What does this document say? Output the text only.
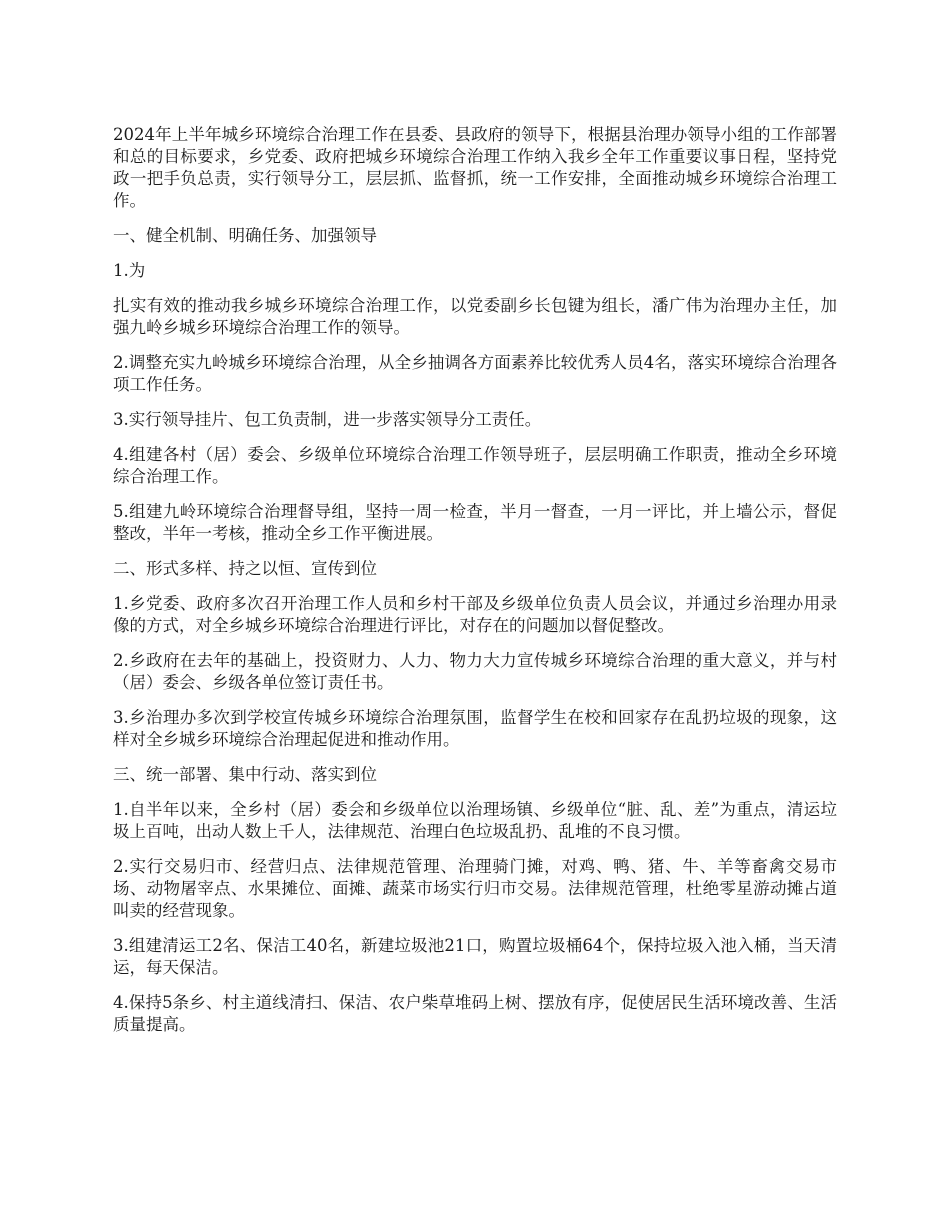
2024年上半年城乡环境综合治理工作在县委、县政府的领导下，根据县治理办领导小组的工作部署和总的目标要求，乡党委、政府把城乡环境综合治理工作纳入我乡全年工作重要议事日程，坚持党政一把手负总责，实行领导分工，层层抓、监督抓，统一工作安排，全面推动城乡环境综合治理工作。

一、健全机制、明确任务、加强领导

1.为

扎实有效的推动我乡城乡环境综合治理工作，以党委副乡长包键为组长，潘广伟为治理办主任，加强九岭乡城乡环境综合治理工作的领导。

2.调整充实九岭城乡环境综合治理，从全乡抽调各方面素养比较优秀人员4名，落实环境综合治理各项工作任务。

3.实行领导挂片、包工负责制，进一步落实领导分工责任。

4.组建各村（居）委会、乡级单位环境综合治理工作领导班子，层层明确工作职责，推动全乡环境综合治理工作。

5.组建九岭环境综合治理督导组，坚持一周一检查，半月一督查，一月一评比，并上墙公示，督促整改，半年一考核，推动全乡工作平衡进展。

二、形式多样、持之以恒、宣传到位

1.乡党委、政府多次召开治理工作人员和乡村干部及乡级单位负责人员会议，并通过乡治理办用录像的方式，对全乡城乡环境综合治理进行评比，对存在的问题加以督促整改。

2.乡政府在去年的基础上，投资财力、人力、物力大力宣传城乡环境综合治理的重大意义，并与村（居）委会、乡级各单位签订责任书。

3.乡治理办多次到学校宣传城乡环境综合治理氛围，监督学生在校和回家存在乱扔垃圾的现象，这样对全乡城乡环境综合治理起促进和推动作用。

三、统一部署、集中行动、落实到位

1.自半年以来，全乡村（居）委会和乡级单位以治理场镇、乡级单位“脏、乱、差”为重点，清运垃圾上百吨，出动人数上千人，法律规范、治理白色垃圾乱扔、乱堆的不良习惯。

2.实行交易归市、经营归点、法律规范管理、治理骑门摊，对鸡、鸭、猪、牛、羊等畜禽交易市场、动物屠宰点、水果摊位、面摊、蔬菜市场实行归市交易。法律规范管理，杜绝零星游动摊占道叫卖的经营现象。

3.组建清运工2名、保洁工40名，新建垃圾池21口，购置垃圾桶64个，保持垃圾入池入桶，当天清运，每天保洁。

4.保持5条乡、村主道线清扫、保洁、农户柴草堆码上树、摆放有序，促使居民生活环境改善、生活质量提高。
